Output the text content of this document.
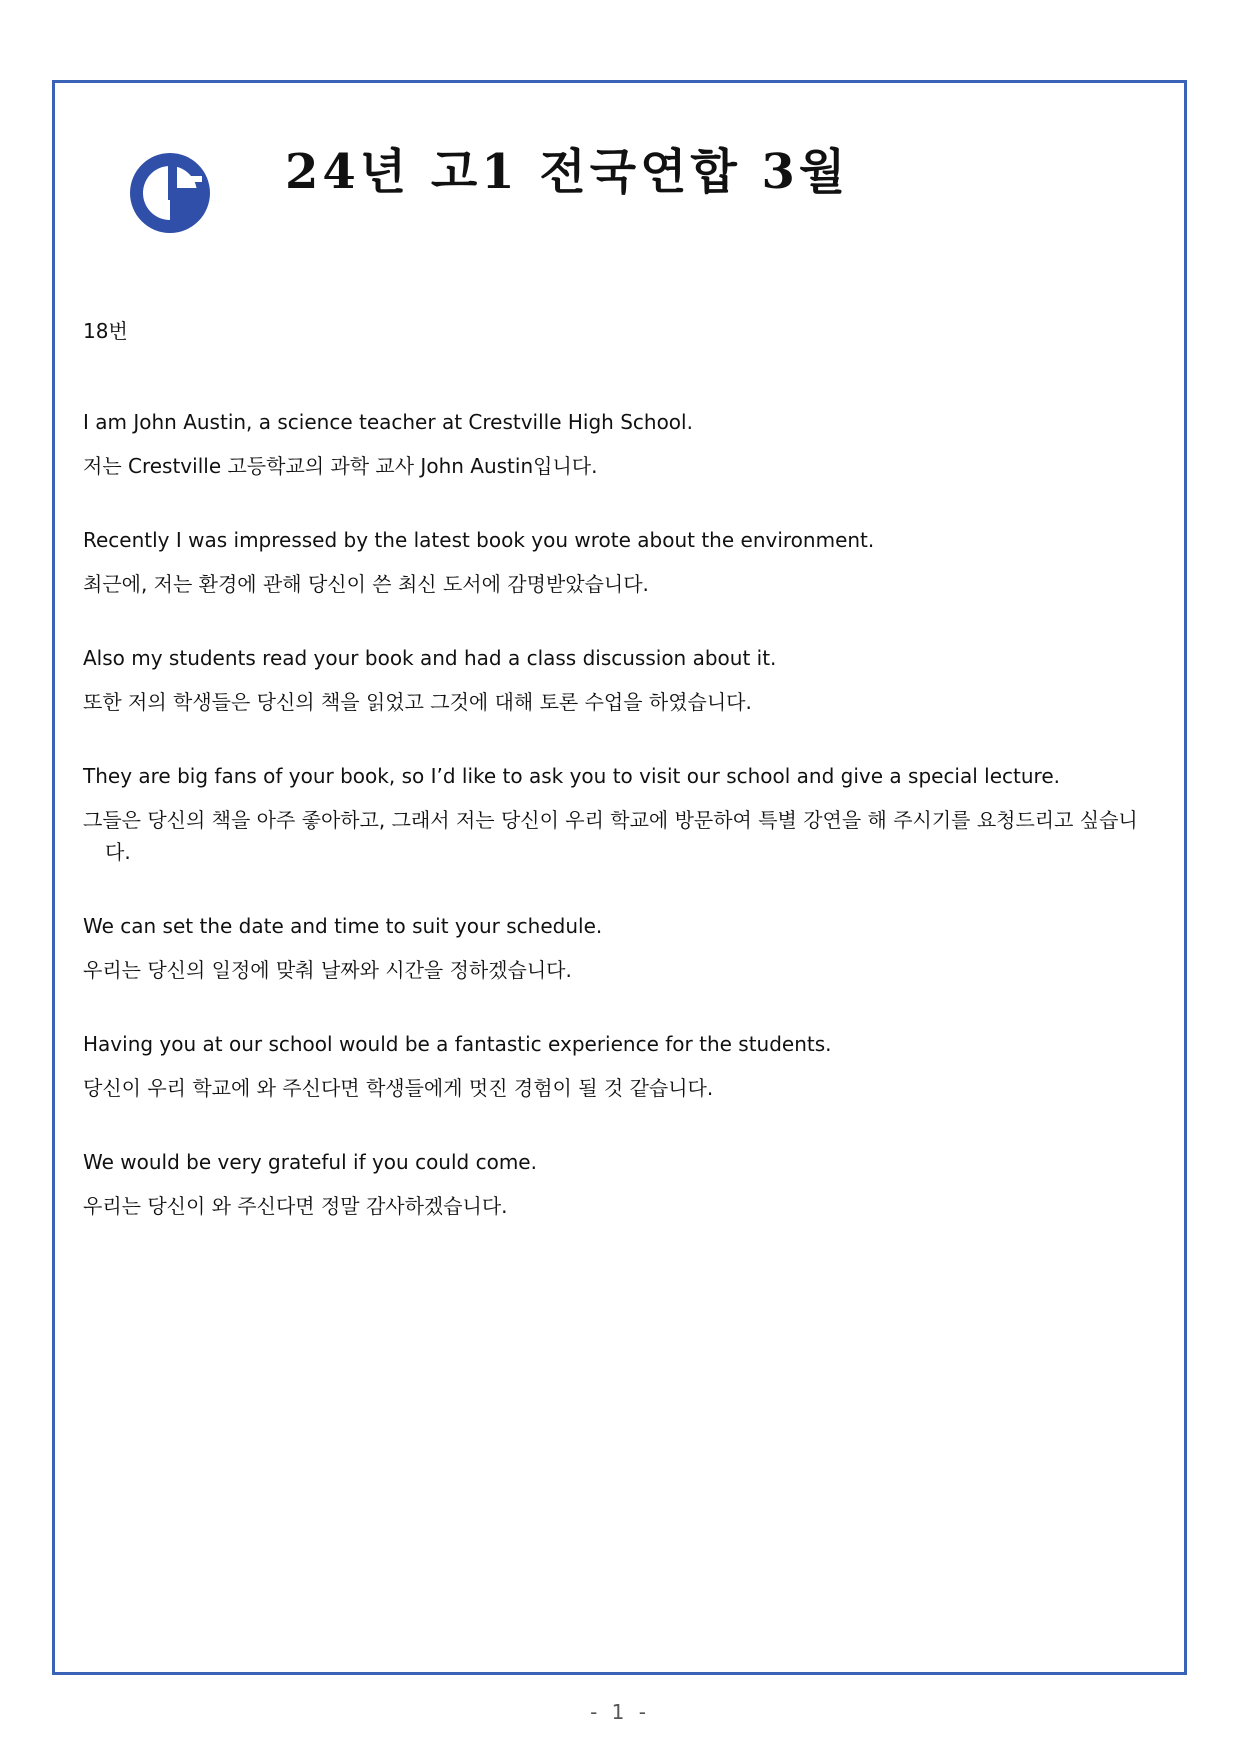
24년 고1 전국연합 3월

18번

I am John Austin, a science teacher at Crestville High School.

저는 Crestville 고등학교의 과학 교사 John Austin입니다.

Recently I was impressed by the latest book you wrote about the environment.

최근에, 저는 환경에 관해 당신이 쓴 최신 도서에 감명받았습니다.

Also my students read your book and had a class discussion about it.

또한 저의 학생들은 당신의 책을 읽었고 그것에 대해 토론 수업을 하였습니다.

They are big fans of your book, so I’d like to ask you to visit our school and give a special lecture.

그들은 당신의 책을 아주 좋아하고, 그래서 저는 당신이 우리 학교에 방문하여 특별 강연을 해 주시기를 요청드리고 싶습니다.

We can set the date and time to suit your schedule.

우리는 당신의 일정에 맞춰 날짜와 시간을 정하겠습니다.

Having you at our school would be a fantastic experience for the students.

당신이 우리 학교에 와 주신다면 학생들에게 멋진 경험이 될 것 같습니다.

We would be very grateful if you could come.

우리는 당신이 와 주신다면 정말 감사하겠습니다.

- 1 -
